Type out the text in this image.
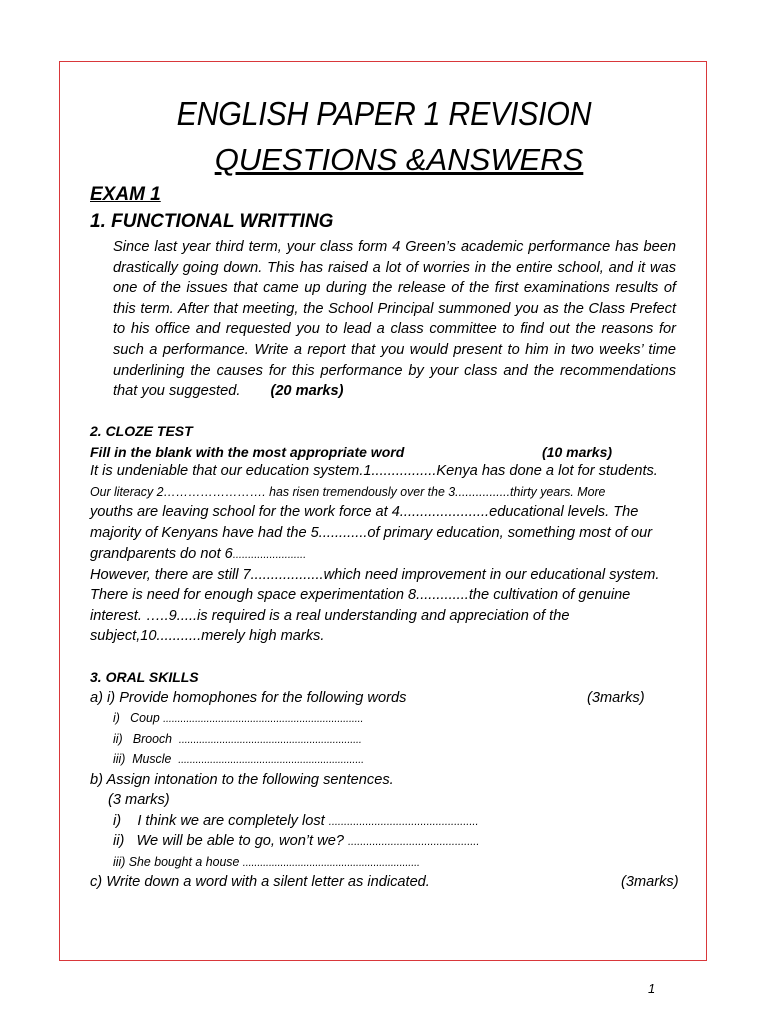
ENGLISH PAPER 1 REVISION
QUESTIONS &ANSWERS
EXAM 1
1. FUNCTIONAL WRITTING
Since last year third term, your class form 4 Green’s academic performance has been drastically going down. This has raised a lot of worries in the entire school, and it was one of the issues that came up during the release of the first examinations results of this term. After that meeting, the School Principal summoned you as the Class Prefect to his office and requested you to lead a class committee to find out the reasons for such a performance. Write a report that you would present to him in two weeks’ time underlining the causes for this performance by your class and the recommendations that you suggested. (20 marks)
2. CLOZE TEST
Fill in the blank with the most appropriate word	(10 marks)
It is undeniable that our education system.1................Kenya has done a lot for students.
Our literacy 2……………………. has risen tremendously over the 3................thirty years. More
youths are leaving school for the work force at 4......................educational levels. The
majority of Kenyans have had the 5............of primary education, something most of our
grandparents do not 6........................
However, there are still 7..................which need improvement in our educational system.
There is need for enough space experimentation 8.............the cultivation of genuine
interest. …..9.....is required is a real understanding and appreciation of the
subject,10...........merely high marks.
3. ORAL SKILLS
a) i) Provide homophones for the following words	(3marks)
i) Coup .....................................................................
ii) Brooch ...............................................................
iii) Muscle ................................................................
b) Assign intonation to the following sentences.
(3 marks)
i) I think we are completely lost .................................................
ii) We will be able to go, won’t we? ...........................................
iii) She bought a house .............................................................
c) Write down a word with a silent letter as indicated.	(3marks)
1
